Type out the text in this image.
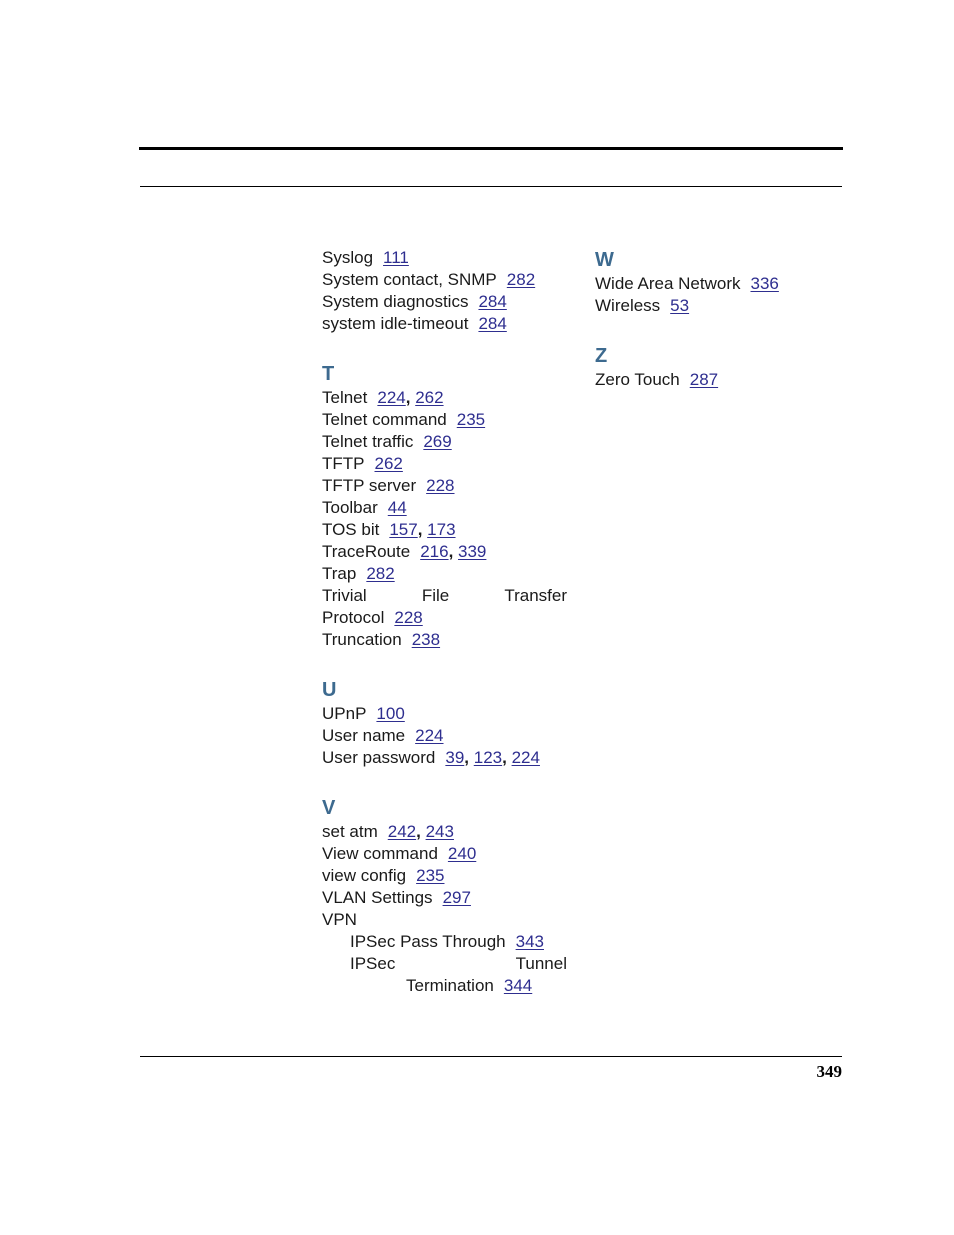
Syslog 111
System contact, SNMP 282
System diagnostics 284
system idle-timeout 284
T
Telnet 224, 262
Telnet command 235
Telnet traffic 269
TFTP 262
TFTP server 228
Toolbar 44
TOS bit 157, 173
TraceRoute 216, 339
Trap 282
Trivial	File	Transfer
Protocol 228
Truncation 238
U
UPnP 100
User name 224
User password 39, 123, 224
V
set atm 242, 243
View command 240
view config 235
VLAN Settings 297
VPN
IPSec Pass Through 343
IPSec	Tunnel
Termination 344
W
Wide Area Network 336
Wireless 53
Z
Zero Touch 287
349
